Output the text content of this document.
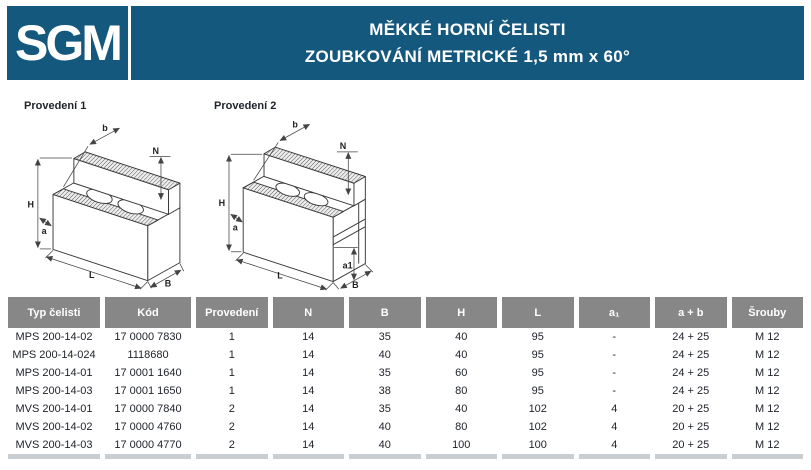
SGM	MĚKKÉ HORNÍ ČELISTI
ZOUBKOVÁNÍ METRICKÉ 1,5 mm x 60°
Provedení 1	Provedení 2
H
a
b
N
L
B
H
a
b
N
L
a1
B
Typ čelisti	Kód	Provedení	N	B	H	L	a₁	a + b	Šrouby
MPS 200-14-02	17 0000 7830	1	14	35	40	95	-	24 + 25	M 12
MPS 200-14-024	1118680	1	14	40	40	95	-	24 + 25	M 12
MPS 200-14-01	17 0001 1640	1	14	35	60	95	-	24 + 25	M 12
MPS 200-14-03	17 0001 1650	1	14	38	80	95	-	24 + 25	M 12
MVS 200-14-01	17 0000 7840	2	14	35	40	102	4	20 + 25	M 12
MVS 200-14-02	17 0000 4760	2	14	40	80	102	4	20 + 25	M 12
MVS 200-14-03	17 0000 4770	2	14	40	100	100	4	20 + 25	M 12
